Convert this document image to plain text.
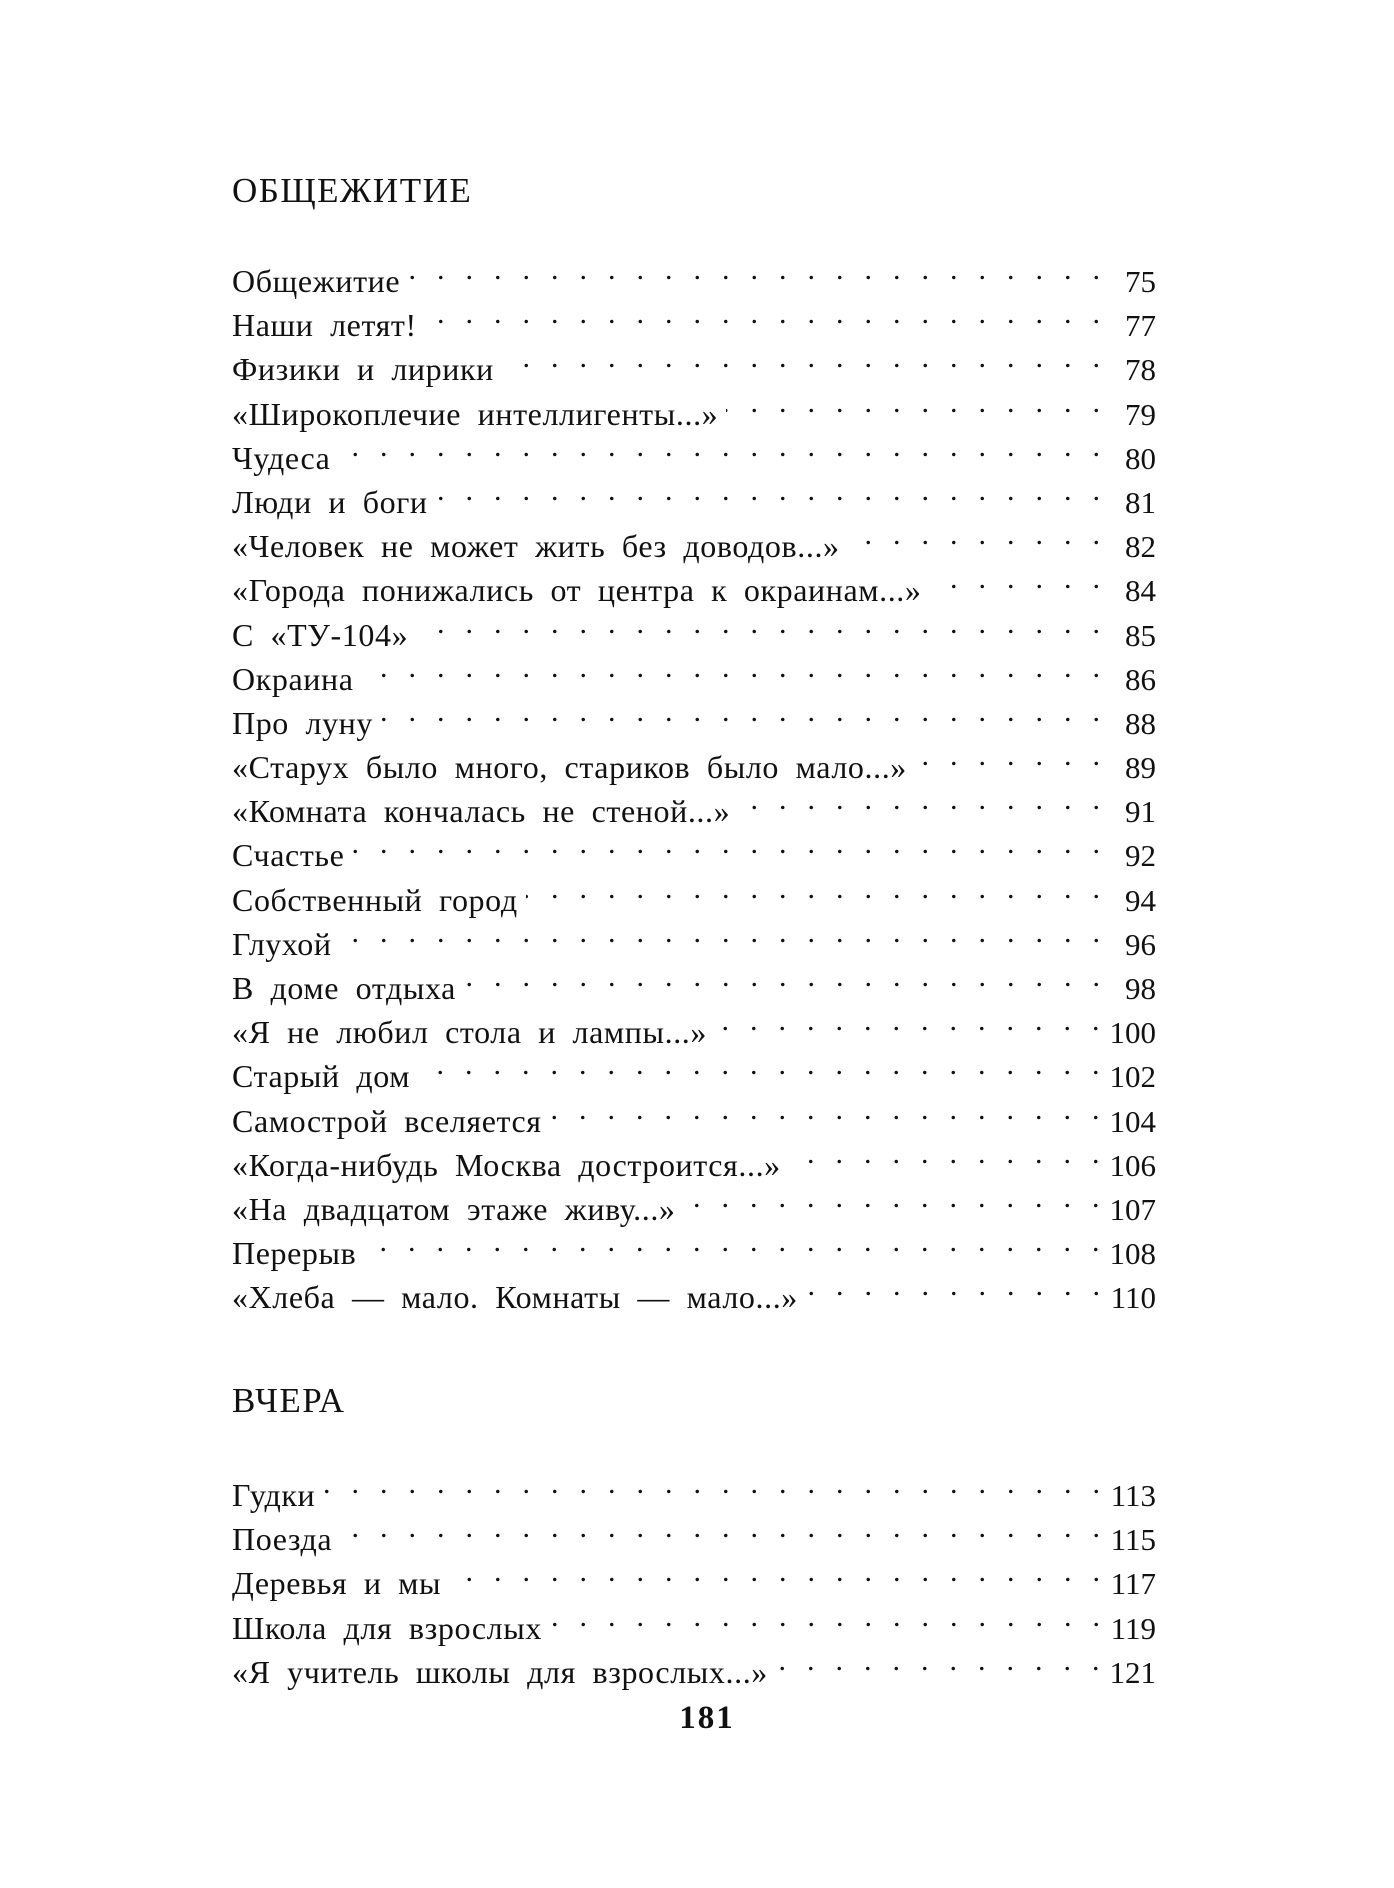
ОБЩЕЖИТИЕ
Общежитие . .	75
Наши летят! . .	77
Физики и лирики . .	78
«Широкоплечие интеллигенты...» . .	79
Чудеса . .	80
Люди и боги . .	81
«Человек не может жить без доводов...» . .	82
«Города понижались от центра к окраинам...» . .	84
С «ТУ-104» . .	85
Окраина . .	86
Про луну . .	88
«Старух было много, стариков было мало...» . .	89
«Комната кончалась не стеной...» . .	91
Счастье . .	92
Собственный город . .	94
Глухой . .	96
В доме отдыха . .	98
«Я не любил стола и лампы...» . .	100
Старый дом . .	102
Самострой вселяется . .	104
«Когда-нибудь Москва достроится...» . .	106
«На двадцатом этаже живу...» . .	107
Перерыв . .	108
«Хлеба — мало. Комнаты — мало...» . .	110
ВЧЕРА
Гудки . .	113
Поезда . .	115
Деревья и мы . .	117
Школа для взрослых . .	119
«Я учитель школы для взрослых...» . .	121
181
